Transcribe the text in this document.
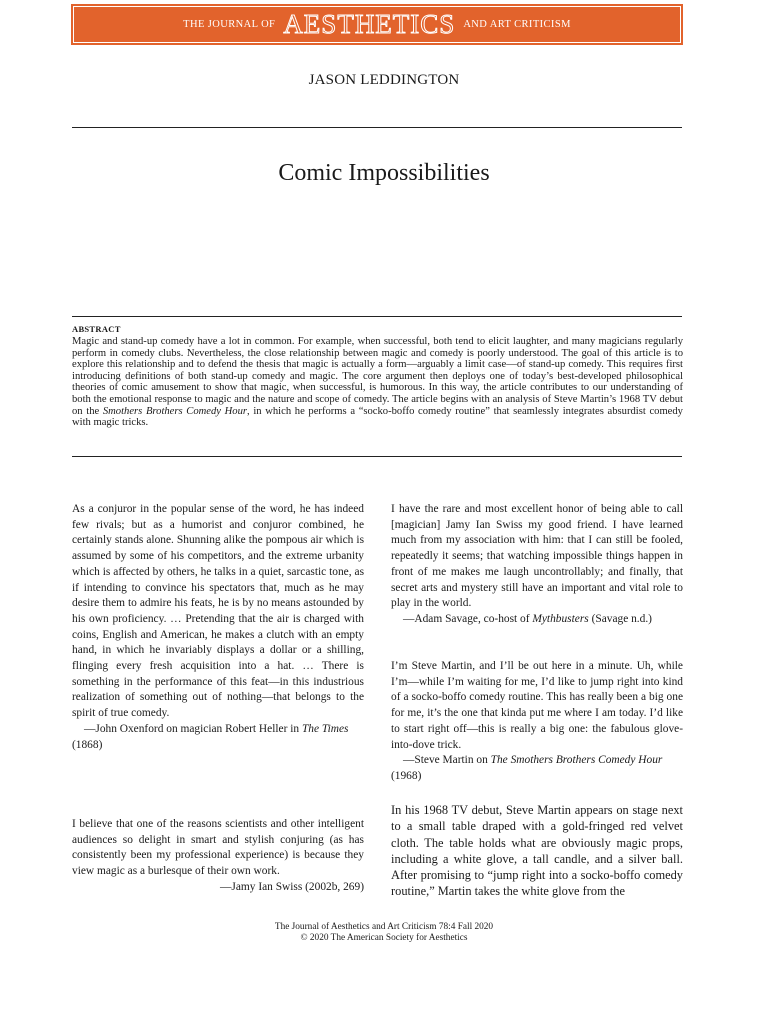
THE JOURNAL OF AESTHETICS AND ART CRITICISM
JASON LEDDINGTON
Comic Impossibilities
ABSTRACT
Magic and stand-up comedy have a lot in common. For example, when successful, both tend to elicit laughter, and many magicians regularly perform in comedy clubs. Nevertheless, the close relationship between magic and comedy is poorly understood. The goal of this article is to explore this relationship and to defend the thesis that magic is actually a form—arguably a limit case—of stand-up comedy. This requires first introducing definitions of both stand-up comedy and magic. The core argument then deploys one of today’s best-developed philosophical theories of comic amusement to show that magic, when successful, is humorous. In this way, the article contributes to our understanding of both the emotional response to magic and the nature and scope of comedy. The article begins with an analysis of Steve Martin’s 1968 TV debut on the Smothers Brothers Comedy Hour, in which he performs a “socko-boffo comedy routine” that seamlessly integrates absurdist comedy with magic tricks.

As a conjuror in the popular sense of the word, he has indeed few rivals; but as a humorist and conjuror combined, he certainly stands alone. Shunning alike the pompous air which is assumed by some of his competitors, and the extreme urbanity which is affected by others, he talks in a quiet, sarcastic tone, as if intending to convince his spectators that, much as he may desire them to admire his feats, he is by no means astounded by his own proficiency. … Pretending that the air is charged with coins, English and American, he makes a clutch with an empty hand, in which he invariably displays a dollar or a shilling, flinging every fresh acquisition into a hat. … There is something in the performance of this feat—in this industrious realization of something out of nothing—that belongs to the spirit of true comedy.

—John Oxenford on magician Robert Heller in The Times (1868)

I believe that one of the reasons scientists and other intelligent audiences so delight in smart and stylish conjuring (as has consistently been my professional experience) is because they view magic as a burlesque of their own work.

—Jamy Ian Swiss (2002b, 269)

I have the rare and most excellent honor of being able to call [magician] Jamy Ian Swiss my good friend. I have learned much from my association with him: that I can still be fooled, repeatedly it seems; that watching impossible things happen in front of me makes me laugh uncontrollably; and finally, that secret arts and mystery still have an important and vital role to play in the world.

—Adam Savage, co-host of Mythbusters (Savage n.d.)

I’m Steve Martin, and I’ll be out here in a minute. Uh, while I’m—while I’m waiting for me, I’d like to jump right into kind of a socko-boffo comedy routine. This has really been a big one for me, it’s the one that kinda put me where I am today. I’d like to start right off—this is really a big one: the fabulous glove-into-dove trick.

—Steve Martin on The Smothers Brothers Comedy Hour (1968)

In his 1968 TV debut, Steve Martin appears on stage next to a small table draped with a gold-fringed red velvet cloth. The table holds what are obviously magic props, including a white glove, a tall candle, and a silver ball. After promising to “jump right into a socko-boffo comedy routine,” Martin takes the white glove from the
The Journal of Aesthetics and Art Criticism 78:4 Fall 2020
© 2020 The American Society for Aesthetics
